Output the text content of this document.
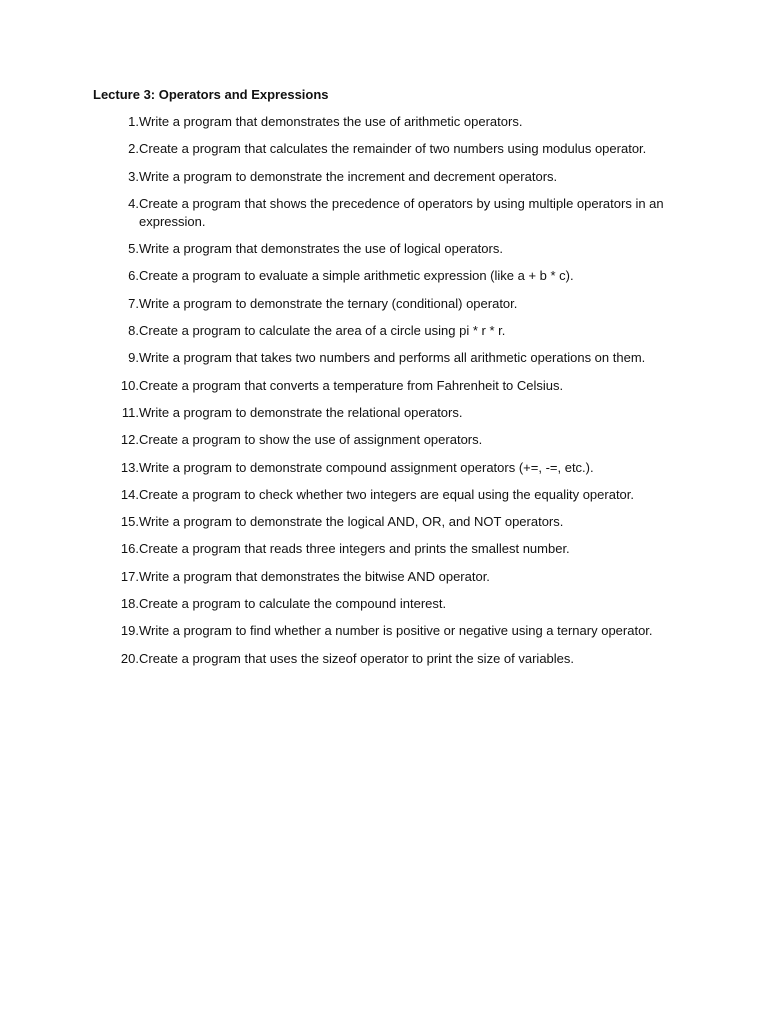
Lecture 3: Operators and Expressions
1. Write a program that demonstrates the use of arithmetic operators.
2. Create a program that calculates the remainder of two numbers using modulus operator.
3. Write a program to demonstrate the increment and decrement operators.
4. Create a program that shows the precedence of operators by using multiple operators in an expression.
5. Write a program that demonstrates the use of logical operators.
6. Create a program to evaluate a simple arithmetic expression (like a + b * c).
7. Write a program to demonstrate the ternary (conditional) operator.
8. Create a program to calculate the area of a circle using pi * r * r.
9. Write a program that takes two numbers and performs all arithmetic operations on them.
10. Create a program that converts a temperature from Fahrenheit to Celsius.
11. Write a program to demonstrate the relational operators.
12. Create a program to show the use of assignment operators.
13. Write a program to demonstrate compound assignment operators (+=, -=, etc.).
14. Create a program to check whether two integers are equal using the equality operator.
15. Write a program to demonstrate the logical AND, OR, and NOT operators.
16. Create a program that reads three integers and prints the smallest number.
17. Write a program that demonstrates the bitwise AND operator.
18. Create a program to calculate the compound interest.
19. Write a program to find whether a number is positive or negative using a ternary operator.
20. Create a program that uses the sizeof operator to print the size of variables.
